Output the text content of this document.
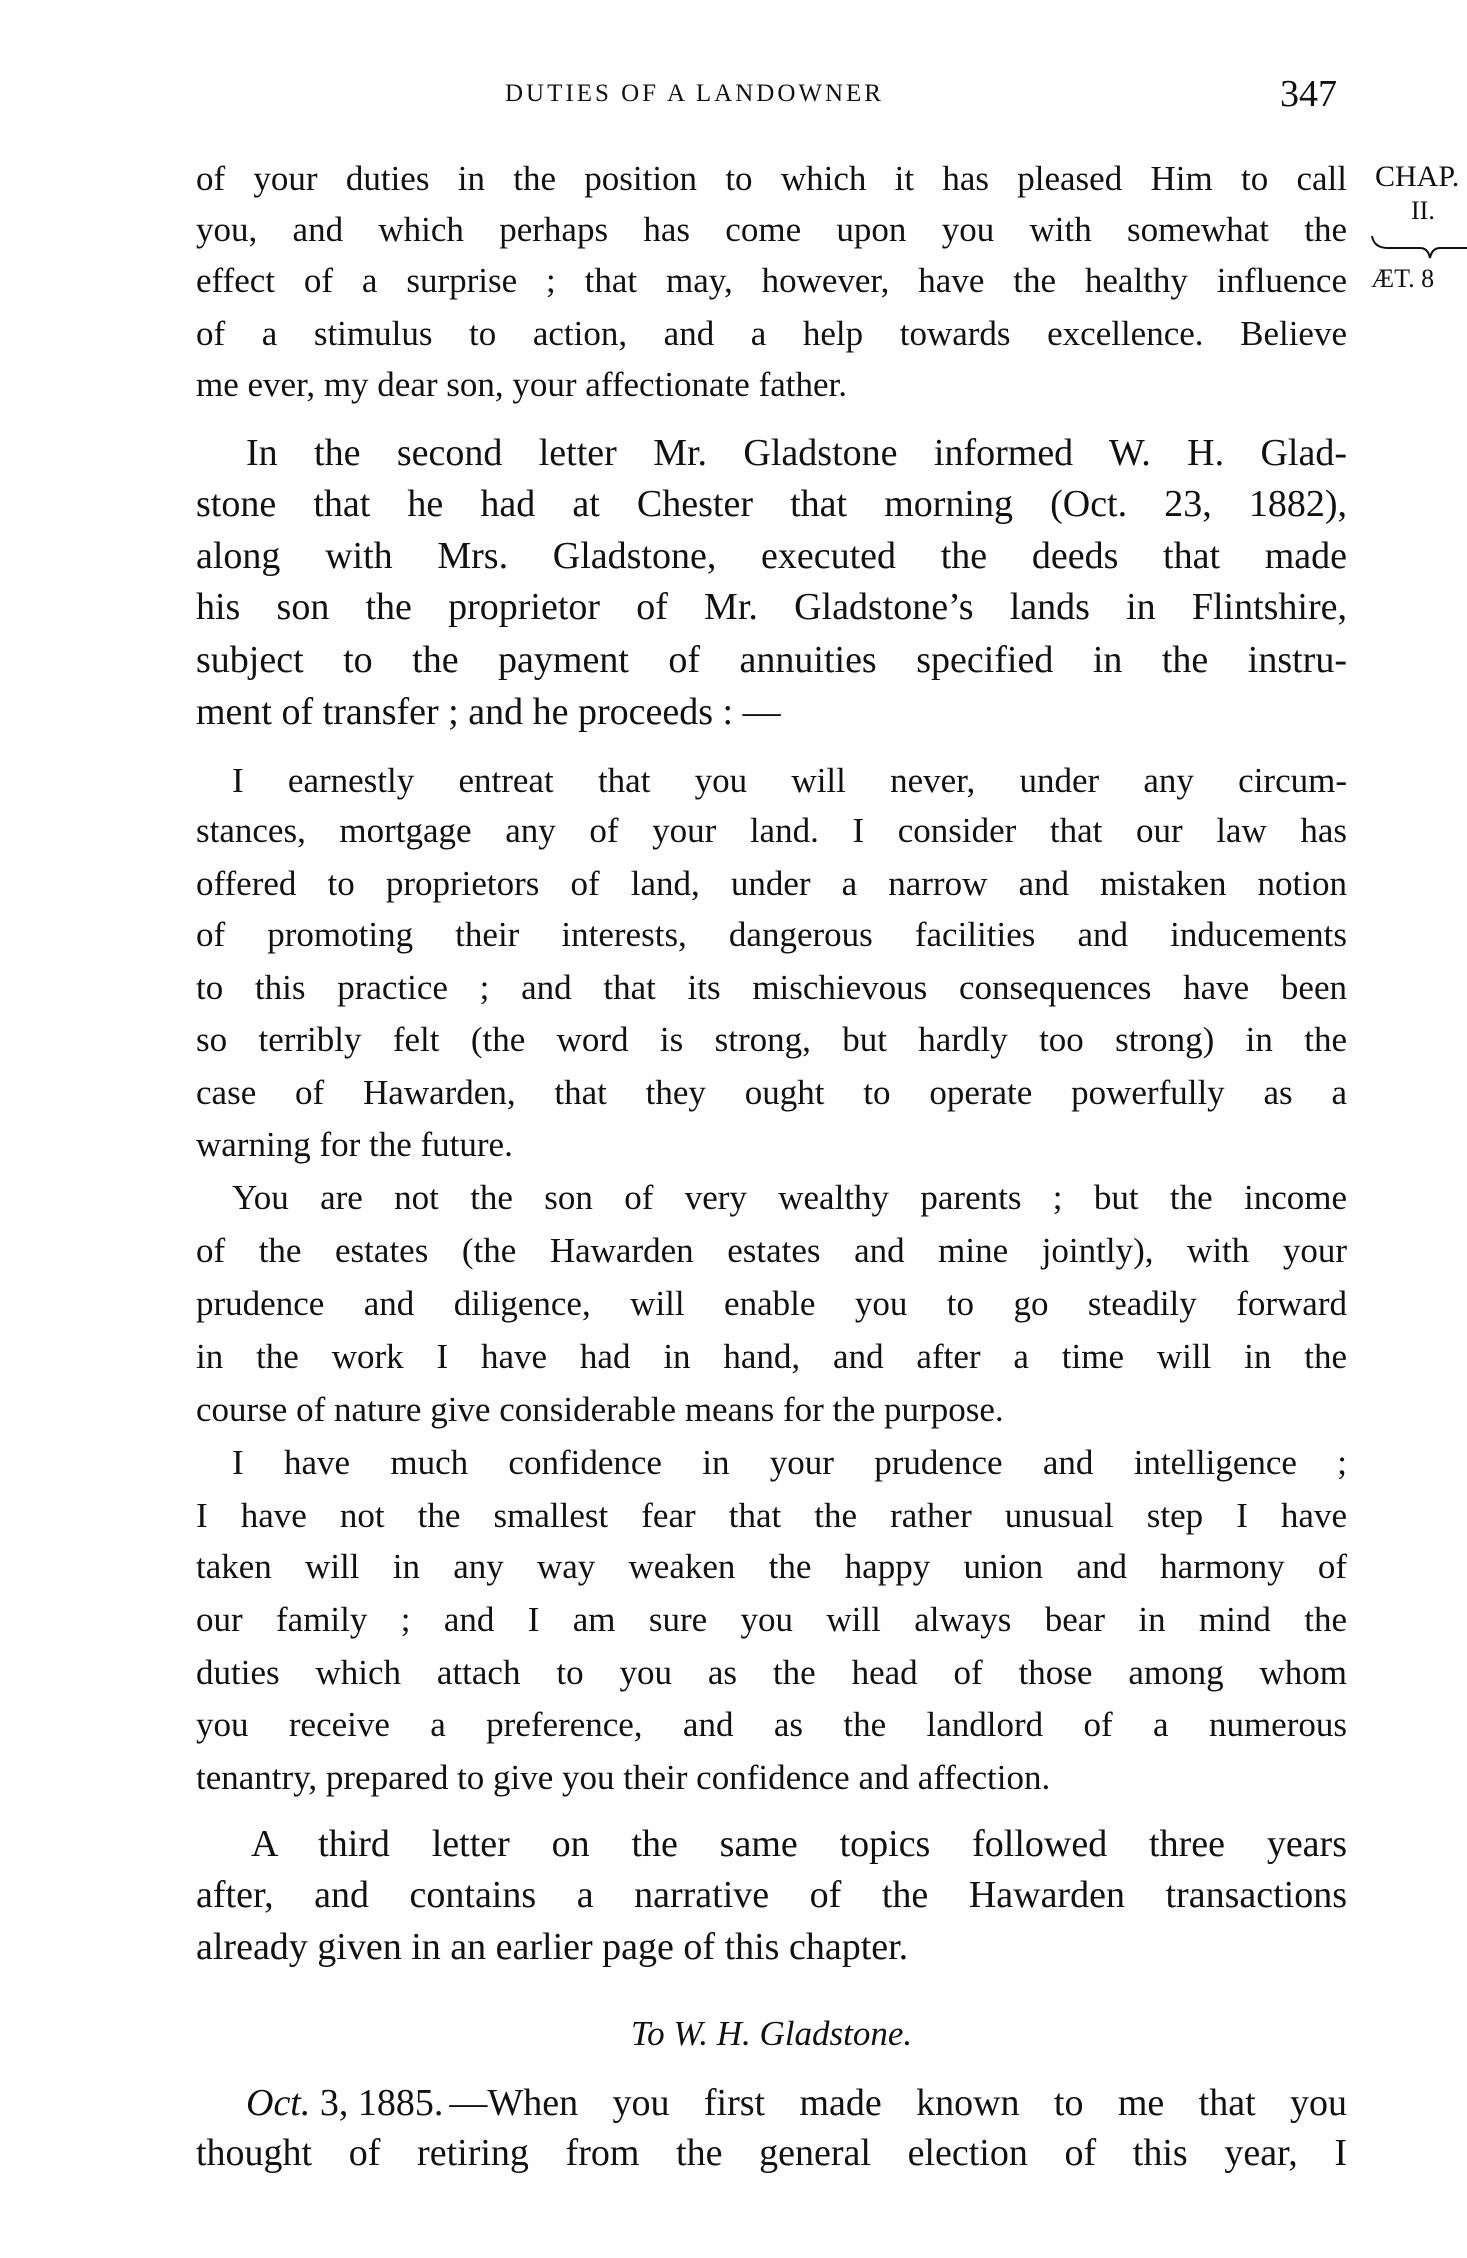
DUTIES OF A LANDOWNER	347
CHAP.
II.
ÆT. 8
of your duties in the position to which it has pleased Him to call
you, and which perhaps has come upon you with somewhat the
effect of a surprise ; that may, however, have the healthy influence
of a stimulus to action, and a help towards excellence. Believe
me ever, my dear son, your affectionate father.
In the second letter Mr. Gladstone informed W. H. Glad-
stone that he had at Chester that morning (Oct. 23, 1882),
along with Mrs. Gladstone, executed the deeds that made
his son the proprietor of Mr. Gladstone’s lands in Flintshire,
subject to the payment of annuities specified in the instru-
ment of transfer ; and he proceeds : —
I earnestly entreat that you will never, under any circum-
stances, mortgage any of your land. I consider that our law has
offered to proprietors of land, under a narrow and mistaken notion
of promoting their interests, dangerous facilities and inducements
to this practice ; and that its mischievous consequences have been
so terribly felt (the word is strong, but hardly too strong) in the
case of Hawarden, that they ought to operate powerfully as a
warning for the future.
You are not the son of very wealthy parents ; but the income
of the estates (the Hawarden estates and mine jointly), with your
prudence and diligence, will enable you to go steadily forward
in the work I have had in hand, and after a time will in the
course of nature give considerable means for the purpose.
I have much confidence in your prudence and intelligence ;
I have not the smallest fear that the rather unusual step I have
taken will in any way weaken the happy union and harmony of
our family ; and I am sure you will always bear in mind the
duties which attach to you as the head of those among whom
you receive a preference, and as the landlord of a numerous
tenantry, prepared to give you their confidence and affection.
A third letter on the same topics followed three years
after, and contains a narrative of the Hawarden transactions
already given in an earlier page of this chapter.
To W. H. Gladstone.
Oct. 3, 1885. —When you first made known to me that you
thought of retiring from the general election of this year, I
